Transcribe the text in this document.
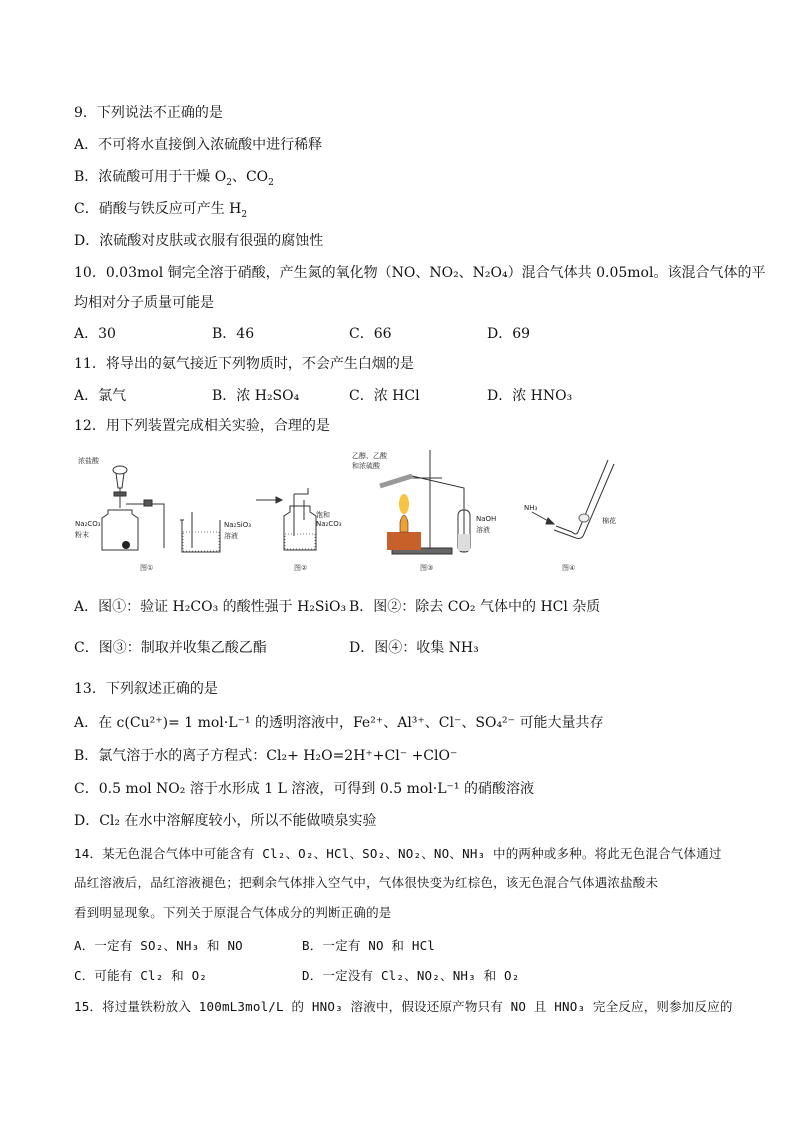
9．下列说法不正确的是
A．不可将水直接倒入浓硫酸中进行稀释
B．浓硫酸可用于干燥 $O_2$、$CO_2$
C．硝酸与铁反应可产生 $H_2$
D．浓硫酸对皮肤或衣服有很强的腐蚀性
10．0.03mol 铜完全溶于硝酸，产生氮的氧化物（NO、NO₂、N₂O₄）混合气体共 0.05mol。该混合气体的平
均相对分子质量可能是
A．30	B．46	C．66	D．69
11．将导出的氨气接近下列物质时，不会产生白烟的是
A．氯气	B．浓 H₂SO₄	C．浓 HCl	D．浓 HNO₃
12．用下列装置完成相关实验，合理的是
浓盐酸
Na₂CO₃
粉末
Na₂SiO₃
溶液
图①
饱和
Na₂CO₃
图②
乙醇、乙酸
和浓硫酸
NaOH
溶液
图③
NH₃
棉花
图④
A．图①：验证 H₂CO₃ 的酸性强于 H₂SiO₃ B．图②：除去 CO₂ 气体中的 HCl 杂质
C．图③：制取并收集乙酸乙酯	D．图④：收集 NH₃
13．下列叙述正确的是
A．在 c(Cu²⁺)= 1 mol·L⁻¹ 的透明溶液中，Fe²⁺、Al³⁺、Cl⁻、SO₄²⁻ 可能大量共存
B．氯气溶于水的离子方程式：Cl₂+ H₂O=2H⁺+Cl⁻ +ClO⁻
C．0.5 mol NO₂ 溶于水形成 1 L 溶液，可得到 0.5 mol·L⁻¹ 的硝酸溶液
D．Cl₂ 在水中溶解度较小，所以不能做喷泉实验
14．某无色混合气体中可能含有 Cl₂、O₂、HCl、SO₂、NO₂、NO、NH₃ 中的两种或多种。将此无色混合气体通过
品红溶液后，品红溶液褪色；把剩余气体排入空气中，气体很快变为红棕色，该无色混合气体遇浓盐酸未
看到明显现象。下列关于原混合气体成分的判断正确的是
A．一定有 SO₂、NH₃ 和 NO	B．一定有 NO 和 HCl
C．可能有 Cl₂ 和 O₂	D．一定没有 Cl₂、NO₂、NH₃ 和 O₂
15．将过量铁粉放入 100mL3mol/L 的 HNO₃ 溶液中，假设还原产物只有 NO 且 HNO₃ 完全反应，则参加反应的
